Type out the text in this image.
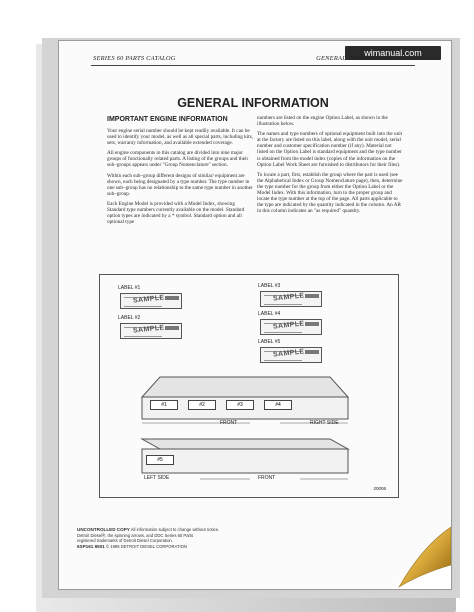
wimanual.com
SERIES 60 PARTS CATALOG	GENERAL INFORMATION
GENERAL INFORMATION
IMPORTANT ENGINE INFORMATION

Your engine serial number should be kept readily available. It can be used to identify your model, as well as all special parts, including kits, sets, warranty information, and available extended coverage.

All engine components in this catalog are divided into nine major groups of functionally related parts. A listing of the groups and their sub–groups appears under "Group Nomenclature" section.

Within each sub–group different designs of similar/ equipment are shown, each being designated by a type number. The type number in one sub–group has no relationship to the same type number in another sub–group.

Each Engine Model is provided with a Model Index, showing Standard type numbers currently available on the model. Standard option types are indicated by a * symbol. Standard option and all optional type

numbers are listed on the engine Option Label, as shown in the illustration below.

The names and type numbers of optional equipment built into the unit at the factory are listed on this label, along with the unit model, serial number and customer specification number (if any). Material not listed on the Option Label is standard equipment and the type number is obtained from the model index (copies of the information on the Option Label Work Sheet are furnished to distributors for their files).

To locate a part, first, establish the group where the part is used (see the Alphabetical Index or Group Nomenclature page), then, determine the type number for the group from either the Option Label or the Model Index. With this information, turn to the proper group and locate the type number at the top of the page. All parts applicable to the type are indicated by the quantity indicated in the column. An AR in this column indicates an "as required" quantity.

LABEL #1
SAMPLE
LABEL #2
SAMPLE
LABEL #3
SAMPLE
LABEL #4
SAMPLE
LABEL #5
SAMPLE
#1	#2	#3	#4
FRONT	RIGHT SIDE
#5
LEFT SIDE	FRONT
20006
UNCONTROLLED COPY All information subject to change without notice.
Detroit Diesel®, the spinning arrows, and DDC Series 60 Parts
registered trademarks of Detroit Diesel Corporation.
6SP161 9501 © 1995 DETROIT DIESEL CORPORATION
